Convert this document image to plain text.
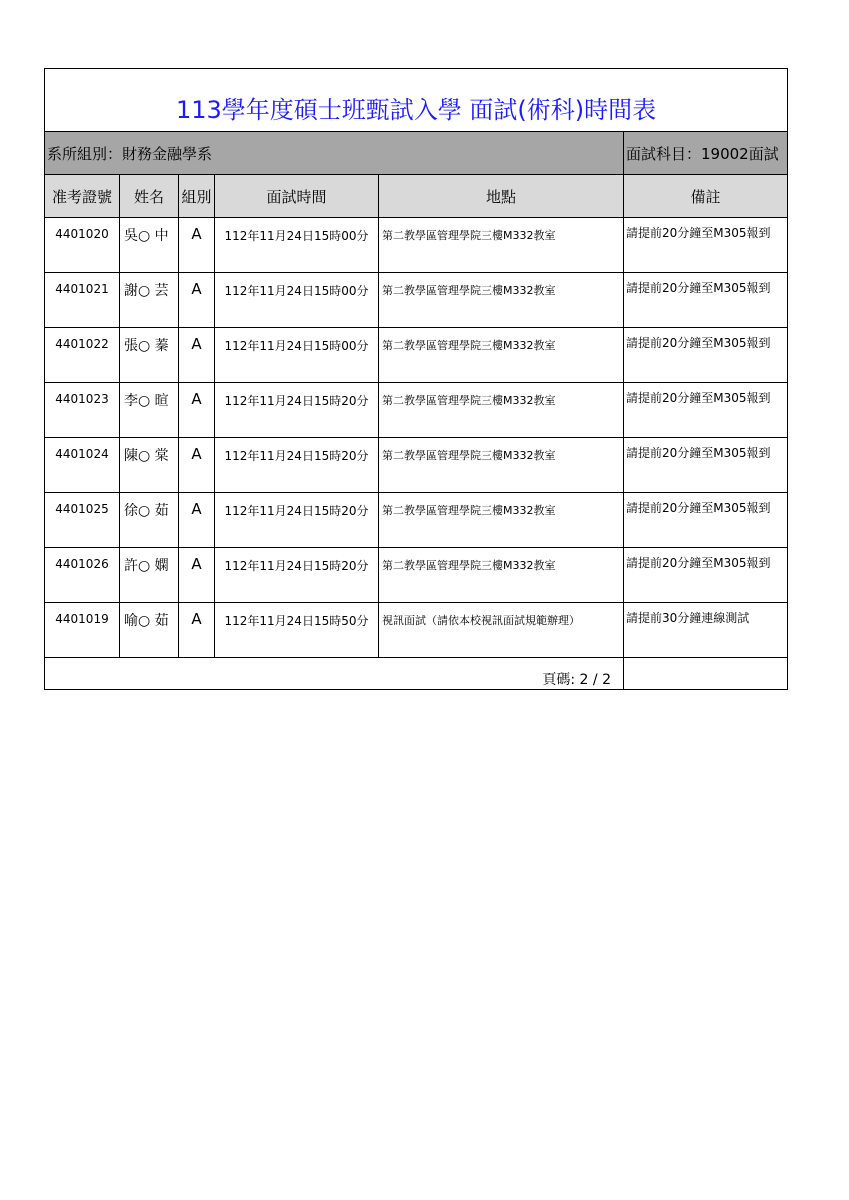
113學年度碩士班甄試入學 面試(術科)時間表					
系所組別：財務金融學系					面試科目：19002面試
准考證號	姓名	組別	面試時間	地點	備註
4401020	吳○ 中	A	112年11月24日15時00分	第二教學區管理學院三樓M332教室	請提前20分鐘至M305報到
4401021	謝○ 芸	A	112年11月24日15時00分	第二教學區管理學院三樓M332教室	請提前20分鐘至M305報到
4401022	張○ 蓁	A	112年11月24日15時00分	第二教學區管理學院三樓M332教室	請提前20分鐘至M305報到
4401023	李○ 暄	A	112年11月24日15時20分	第二教學區管理學院三樓M332教室	請提前20分鐘至M305報到
4401024	陳○ 棠	A	112年11月24日15時20分	第二教學區管理學院三樓M332教室	請提前20分鐘至M305報到
4401025	徐○ 茹	A	112年11月24日15時20分	第二教學區管理學院三樓M332教室	請提前20分鐘至M305報到
4401026	許○ 嫻	A	112年11月24日15時20分	第二教學區管理學院三樓M332教室	請提前20分鐘至M305報到
4401019	喻○ 茹	A	112年11月24日15時50分	視訊面試（請依本校視訊面試規範辦理）	請提前30分鐘連線測試
頁碼: 2 / 2					
